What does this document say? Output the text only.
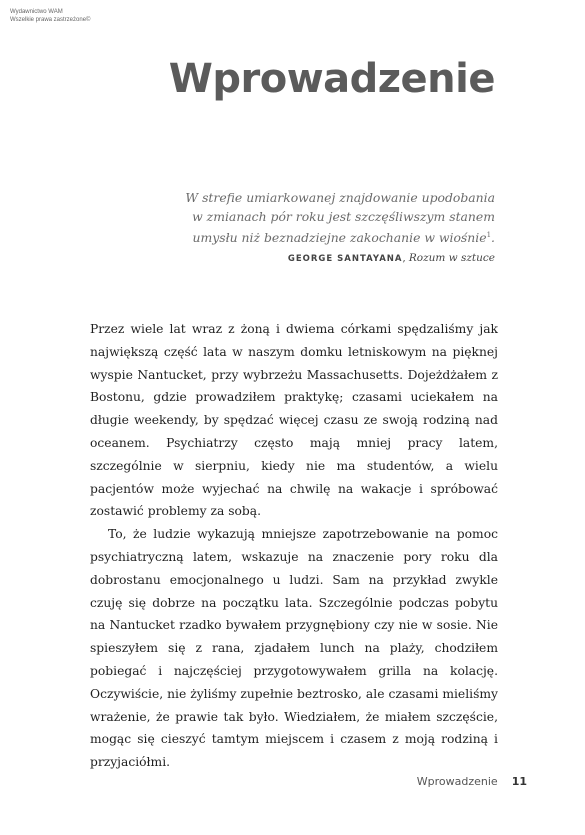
Wydawnictwo WAM
Wszelkie prawa zastrzeżone©
Wprowadzenie
W strefie umiarkowanej znajdowanie upodobania
w zmianach pór roku jest szczęśliwszym stanem
umysłu niż beznadziejne zakochanie w wiośnie$^1$.
GEORGE SANTAYANA, Rozum w sztuce

Przez wiele lat wraz z żoną i dwiema córkami spędzaliśmy jak największą część lata w naszym domku letniskowym na pięknej wyspie Nantucket, przy wybrzeżu Massachusetts. Dojeżdżałem z Bostonu, gdzie prowadziłem praktykę; czasami uciekałem na długie weekendy, by spędzać więcej czasu ze swoją rodziną nad oceanem. Psychiatrzy często mają mniej pracy latem, szczególnie w sierpniu, kiedy nie ma studentów, a wielu pacjentów może wyjechać na chwilę na wakacje i spróbować zostawić problemy za sobą.

To, że ludzie wykazują mniejsze zapotrzebowanie na pomoc psychiatryczną latem, wskazuje na znaczenie pory roku dla dobrostanu emocjonalnego u ludzi. Sam na przykład zwykle czuję się dobrze na początku lata. Szczególnie podczas pobytu na Nantucket rzadko bywałem przygnębiony czy nie w sosie. Nie spieszyłem się z rana, zjadałem lunch na plaży, chodziłem pobiegać i najczęściej przygotowywałem grilla na kolację. Oczywiście, nie żyliśmy zupełnie beztrosko, ale czasami mieliśmy wrażenie, że prawie tak było. Wiedziałem, że miałem szczęście, mogąc się cieszyć tamtym miejscem i czasem z moją rodziną i przyjaciółmi.

Wprowadzenie 11
